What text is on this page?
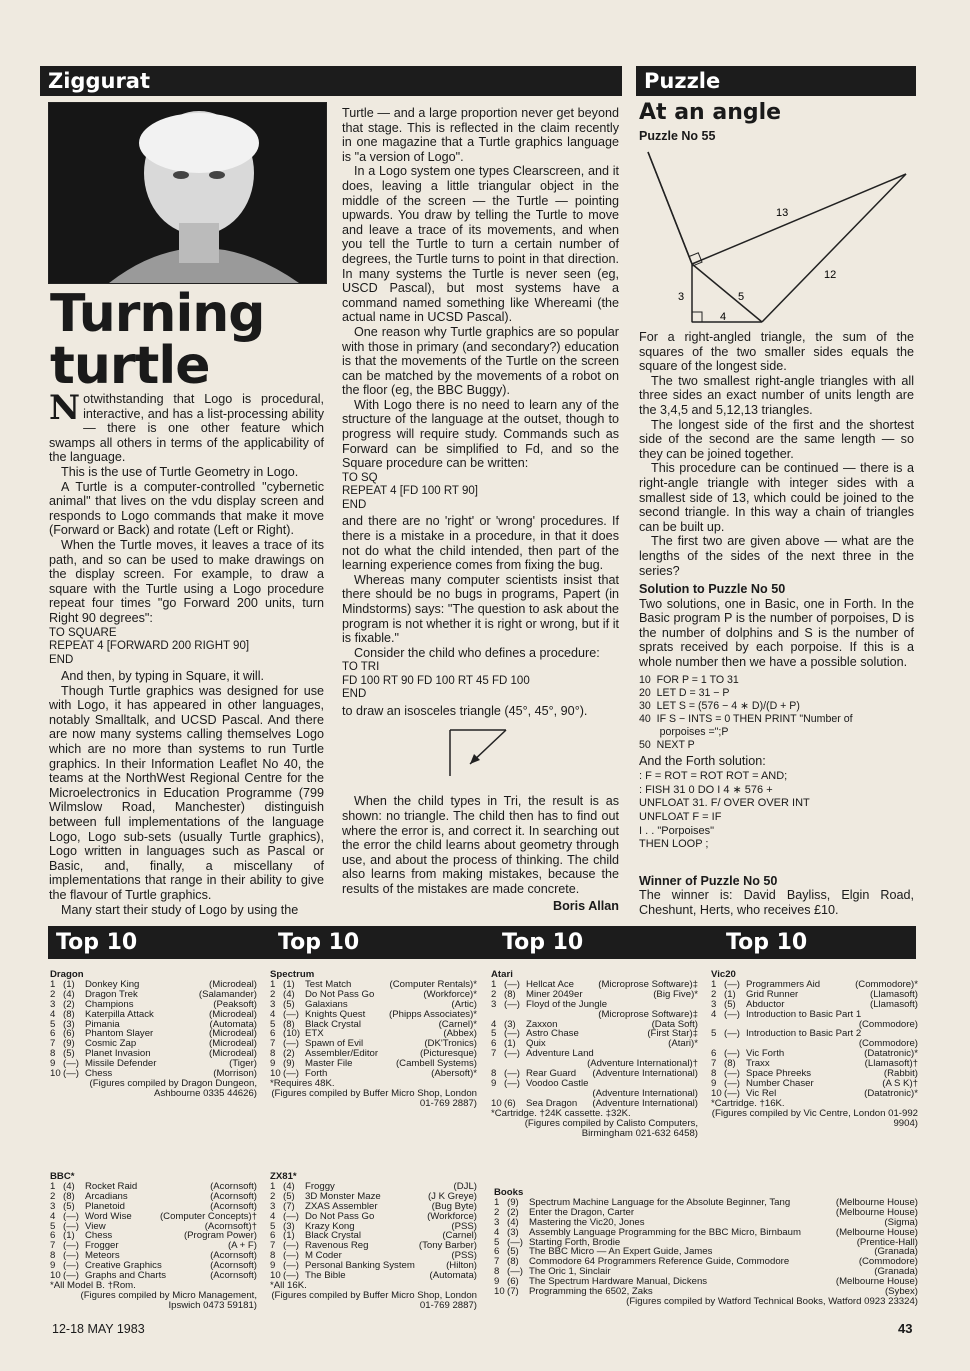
Ziggurat
Turning
turtle

Notwithstanding that Logo is procedural, interactive, and has a list-processing ability — there is one other feature which swamps all others in terms of the applicability of the language.

This is the use of Turtle Geometry in Logo.

A Turtle is a computer-controlled "cybernetic animal" that lives on the vdu display screen and responds to Logo commands that make it move (Forward or Back) and rotate (Left or Right).

When the Turtle moves, it leaves a trace of its path, and so can be used to make drawings on the display screen. For example, to draw a square with the Turtle using a Logo procedure repeat four times "go Forward 200 units, turn Right 90 degrees":

TO SQUARE
REPEAT 4 [FORWARD 200 RIGHT 90]
END

And then, by typing in Square, it will.

Though Turtle graphics was designed for use with Logo, it has appeared in other languages, notably Smalltalk, and UCSD Pascal. And there are now many systems calling themselves Logo which are no more than systems to run Turtle graphics. In their Information Leaflet No 40, the teams at the NorthWest Regional Centre for the Microelectronics in Education Programme (799 Wilmslow Road, Manchester) distinguish between full implementations of the language Logo, Logo sub-sets (usually Turtle graphics), Logo written in languages such as Pascal or Basic, and, finally, a miscellany of implementations that range in their ability to give the flavour of Turtle graphics.

Many start their study of Logo by using the

Turtle — and a large proportion never get beyond that stage. This is reflected in the claim recently in one magazine that a Turtle graphics language is "a version of Logo".

In a Logo system one types Clearscreen, and it does, leaving a little triangular object in the middle of the screen — the Turtle — pointing upwards. You draw by telling the Turtle to move and leave a trace of its movements, and when you tell the Turtle to turn a certain number of degrees, the Turtle turns to point in that direction. In many systems the Turtle is never seen (eg, USCD Pascal), but most systems have a command named something like Whereami (the actual name in UCSD Pascal).

One reason why Turtle graphics are so popular with those in primary (and secondary?) education is that the movements of the Turtle on the screen can be matched by the movements of a robot on the floor (eg, the BBC Buggy).

With Logo there is no need to learn any of the structure of the language at the outset, though to progress will require study. Commands such as Forward can be simplified to Fd, and so the Square procedure can be written:

TO SQ
REPEAT 4 [FD 100 RT 90]
END

and there are no 'right' or 'wrong' procedures. If there is a mistake in a procedure, in that it does not do what the child intended, then part of the learning experience comes from fixing the bug.

Whereas many computer scientists insist that there should be no bugs in programs, Papert (in Mindstorms) says: "The question to ask about the program is not whether it is right or wrong, but if it is fixable."

Consider the child who defines a procedure:

TO TRI
FD 100 RT 90 FD 100 RT 45 FD 100
END

to draw an isosceles triangle (45°, 45°, 90°).

When the child types in Tri, the result is as shown: no triangle. The child then has to find out where the error is, and correct it. In searching out the error the child learns about geometry through use, and about the process of thinking. The child also learns from making mistakes, because the results of the mistakes are made concrete.

Boris Allan
Puzzle
At an angle
Puzzle No 55
13
12
5
3
4

For a right-angled triangle, the sum of the squares of the two smaller sides equals the square of the longest side.

The two smallest right-angle triangles with all three sides an exact number of units length are the 3,4,5 and 5,12,13 triangles.

The longest side of the first and the shortest side of the second are the same length — so they can be joined together.

This procedure can be continued — there is a right-angle triangle with integer sides with a smallest side of 13, which could be joined to the second triangle. In this way a chain of triangles can be built up.

The first two are given above — what are the lengths of the sides of the next three in the series?

Solution to Puzzle No 50

Two solutions, one in Basic, one in Forth. In the Basic program P is the number of porpoises, D is the number of dolphins and S is the number of sprats received by each porpoise. If this is a whole number then we have a possible solution.

10  FOR P = 1 TO 31
20  LET D = 31 − P
30  LET S = (576 − 4 ∗ D)/(D + P)
40  IF S − INTS = 0 THEN PRINT "Number of
porpoises =";P
50  NEXT P

And the Forth solution:

: F = ROT = ROT ROT = AND;
: FISH 31 0 DO I 4 ∗ 576 +
UNFLOAT 31. F/ OVER OVER INT
UNFLOAT F = IF
I . . "Porpoises"
THEN LOOP ;
Winner of Puzzle No 50

The winner is: David Bayliss, Elgin Road, Cheshunt, Herts, who receives £10.

Top 10	Top 10	Top 10	Top 10
Dragon
1 (1)	Donkey King	(Microdeal)
2 (4)	Dragon Trek	(Salamander)
3 (2)	Champions	(Peaksoft)
4 (8)	Katerpilla Attack	(Microdeal)
5 (3)	Pimania	(Automata)
6 (6)	Phantom Slayer	(Microdeal)
7 (9)	Cosmic Zap	(Microdeal)
8 (5)	Planet Invasion	(Microdeal)
9 (—) Missile Defender	(Tiger)
10 (—) Chess	(Morrison)
(Figures compiled by Dragon Dungeon, Ashbourne 0335 44626)
Spectrum
1 (1)	Test Match	(Computer Rentals)*
2 (4)	Do Not Pass Go	(Workforce)*
3 (5)	Galaxians	(Artic)
4 (—) Knights Quest	(Phipps Associates)*
5 (8)	Black Crystal	(Carnel)*
6 (10) ETX	(Abbex)
7 (—) Spawn of Evil	(DK'Tronics)
8 (2)	Assembler/Editor	(Picturesque)
9 (9)	Master File	(Cambell Systems)
10 (—) Forth	(Abersoft)*
*Requires 48K.
(Figures compiled by Buffer Micro Shop, London 01-769 2887)
Atari
1 (—) Hellcat Ace	(Microprose Software)‡
2 (8)	Miner 2049er	(Big Five)*
3 (—) Floyd of the Jungle
(Microprose Software)‡
4 (3)	Zaxxon	(Data Soft)
5 (—) Astro Chase	(First Star)‡
6 (1)	Quix	(Atari)*
7 (—) Adventure Land
(Adventure International)†
8 (—) Rear Guard	(Adventure International)
9 (—) Voodoo Castle
(Adventure International)
10 (6)	Sea Dragon	(Adventure International)
*Cartridge. †24K cassette. ‡32K.
(Figures compiled by Calisto Computers, Birmingham 021-632 6458)
Vic20
1 (—) Programmers Aid	(Commodore)*
2 (1)	Grid Runner	(Llamasoft)
3 (5)	Abductor	(Llamasoft)
4 (—) Introduction to Basic Part 1
(Commodore)
5 (—) Introduction to Basic Part 2
(Commodore)
6 (—) Vic Forth	(Datatronic)*
7 (8)	Traxx	(Llamasoft)†
8 (—) Space Phreeks	(Rabbit)
9 (—) Number Chaser	(A S K)†
10 (—) Vic Rel	(Datatronic)*
*Cartridge. †16K.
(Figures compiled by Vic Centre, London 01-992 9904)
BBC*
1 (4)	Rocket Raid	(Acornsoft)
2 (8)	Arcadians	(Acornsoft)
3 (5)	Planetoid	(Acornsoft)
4 (—) Word Wise	(Computer Concepts)†
5 (—) View	(Acornsoft)†
6 (1)	Chess	(Program Power)
7 (—) Frogger	(A + F)
8 (—) Meteors	(Acornsoft)
9 (—) Creative Graphics	(Acornsoft)
10 (—) Graphs and Charts	(Acornsoft)
*All Model B. †Rom.
(Figures compiled by Micro Management, Ipswich 0473 59181)
ZX81*
1 (4)	Froggy	(DJL)
2 (5)	3D Monster Maze	(J K Greye)
3 (7)	ZXAS Assembler	(Bug Byte)
4 (—) Do Not Pass Go	(Workforce)
5 (3)	Krazy Kong	(PSS)
6 (1)	Black Crystal	(Carnel)
7 (—) Ravenous Reg	(Tony Barber)
8 (—) M Coder	(PSS)
9 (—) Personal Banking System	(Hilton)
10 (—) The Bible	(Automata)
*All 16K.
(Figures compiled by Buffer Micro Shop, London 01-769 2887)
Books
1 (9)	Spectrum Machine Language for the Absolute Beginner, Tang	(Melbourne House)
2 (2)	Enter the Dragon, Carter	(Melbourne House)
3 (4)	Mastering the Vic20, Jones	(Sigma)
4 (3)	Assembly Language Programming for the BBC Micro, Birnbaum	(Melbourne House)
5 (—) Starting Forth, Brodie	(Prentice-Hall)
6 (5)	The BBC Micro — An Expert Guide, James	(Granada)
7 (8)	Commodore 64 Programmers Reference Guide, Commodore	(Commodore)
8 (—) The Oric 1, Sinclair	(Granada)
9 (6)	The Spectrum Hardware Manual, Dickens	(Melbourne House)
10 (7)	Programming the 6502, Zaks	(Sybex)
(Figures compiled by Watford Technical Books, Watford 0923 23324)
12-18 MAY 1983	43
